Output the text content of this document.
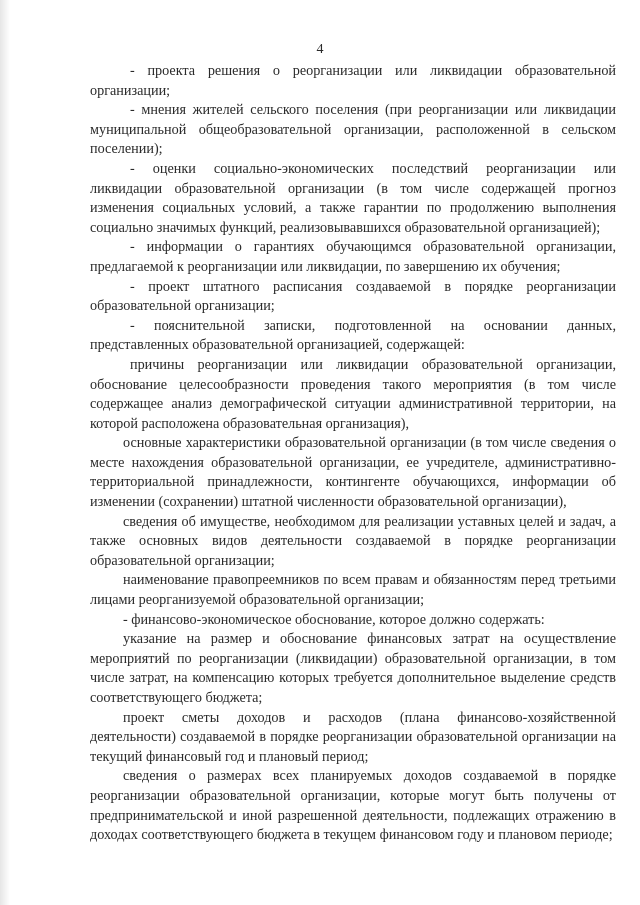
4

- проекта решения о реорганизации или ликвидации образовательной организации;

- мнения жителей сельского поселения (при реорганизации или ликвидации муниципальной общеобразовательной организации, расположенной в сельском поселении);

- оценки социально-экономических последствий реорганизации или ликвидации образовательной организации (в том числе содержащей прогноз изменения социальных условий, а также гарантии по продолжению выполнения социально значимых функций, реализовывавшихся образовательной организацией);

- информации о гарантиях обучающимся образовательной организации, предлагаемой к реорганизации или ликвидации, по завершению их обучения;

- проект штатного расписания создаваемой в порядке реорганизации образовательной организации;

- пояснительной записки, подготовленной на основании данных, представленных образовательной организацией, содержащей:

причины реорганизации или ликвидации образовательной организации, обоснование целесообразности проведения такого мероприятия (в том числе содержащее анализ демографической ситуации административной территории, на которой расположена образовательная организация),

основные характеристики образовательной организации (в том числе сведения о месте нахождения образовательной организации, ее учредителе, административно-территориальной принадлежности, контингенте обучающихся, информации об изменении (сохранении) штатной численности образовательной организации),

сведения об имуществе, необходимом для реализации уставных целей и задач, а также основных видов деятельности создаваемой в порядке реорганизации образовательной организации;

наименование правопреемников по всем правам и обязанностям перед третьими лицами реорганизуемой образовательной организации;

- финансово-экономическое обоснование, которое должно содержать:

указание на размер и обоснование финансовых затрат на осуществление мероприятий по реорганизации (ликвидации) образовательной организации, в том числе затрат, на компенсацию которых требуется дополнительное выделение средств соответствующего бюджета;

проект сметы доходов и расходов (плана финансово-хозяйственной деятельности) создаваемой в порядке реорганизации образовательной организации на текущий финансовый год и плановый период;

сведения о размерах всех планируемых доходов создаваемой в порядке реорганизации образовательной организации, которые могут быть получены от предпринимательской и иной разрешенной деятельности, подлежащих отражению в доходах соответствующего бюджета в текущем финансовом году и плановом периоде;
